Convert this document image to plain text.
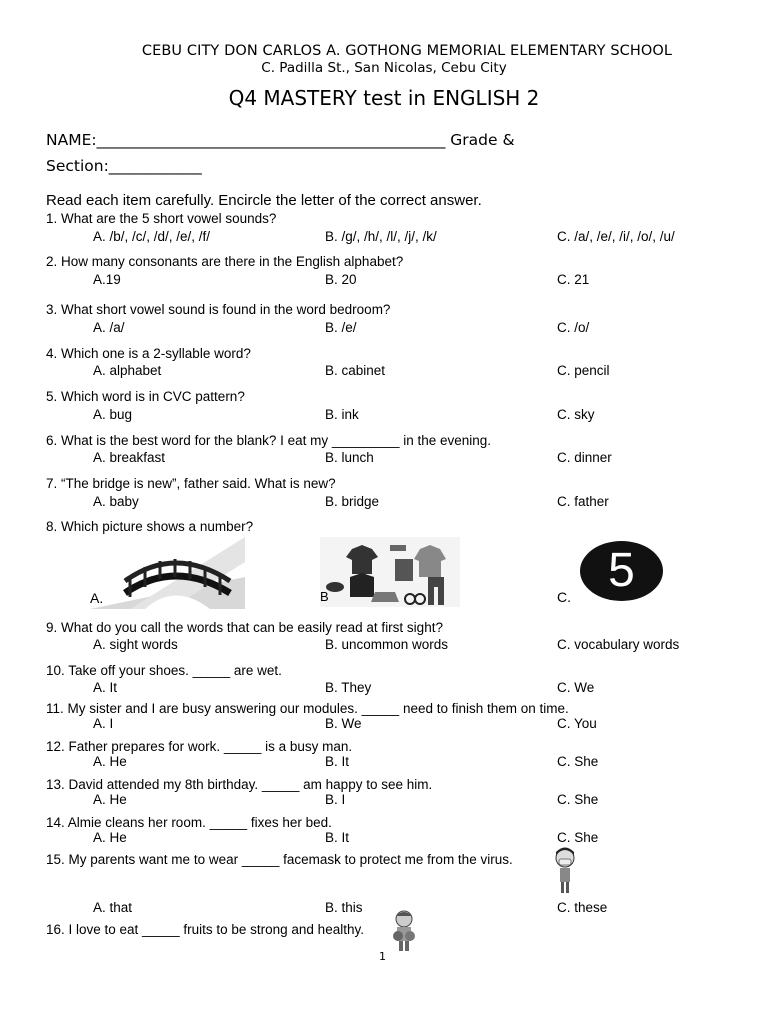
CEBU CITY DON CARLOS A. GOTHONG MEMORIAL ELEMENTARY SCHOOL
C. Padilla St., San Nicolas, Cebu City
Q4 MASTERY test in ENGLISH 2
NAME:_____________________________________________ Grade &
Section:____________
Read each item carefully. Encircle the letter of the correct answer.
1. What are the 5 short vowel sounds?
A. /b/, /c/, /d/, /e/, /f/	B. /g/, /h/, /l/, /j/, /k/	C. /a/, /e/, /i/, /o/, /u/
2. How many consonants are there in the English alphabet?
A.19	B. 20	C. 21
3. What short vowel sound is found in the word bedroom?
A. /a/	B. /e/	C. /o/
4. Which one is a 2-syllable word?
A. alphabet	B. cabinet	C. pencil
5. Which word is in CVC pattern?
A. bug	B. ink	C. sky
6. What is the best word for the blank? I eat my _________ in the evening.
A. breakfast	B. lunch	C. dinner
7. “The bridge is new”, father said. What is new?
A. baby	B. bridge	C. father
8. Which picture shows a number?
A.	B	C. 5
9. What do you call the words that can be easily read at first sight?
A. sight words	B. uncommon words	C. vocabulary words
10. Take off your shoes. _____ are wet.
A. It	B. They	C. We
11. My sister and I are busy answering our modules. _____ need to finish them on time.
A. I	B. We	C. You
12. Father prepares for work. _____ is a busy man.
A. He	B. It	C. She
13. David attended my 8th birthday. _____ am happy to see him.
A. He	B. I	C. She
14. Almie cleans her room. _____ fixes her bed.
A. He	B. It	C. She
15. My parents want me to wear _____ facemask to protect me from the virus.
A. that	B. this	C. these
16. I love to eat _____ fruits to be strong and healthy.
1
